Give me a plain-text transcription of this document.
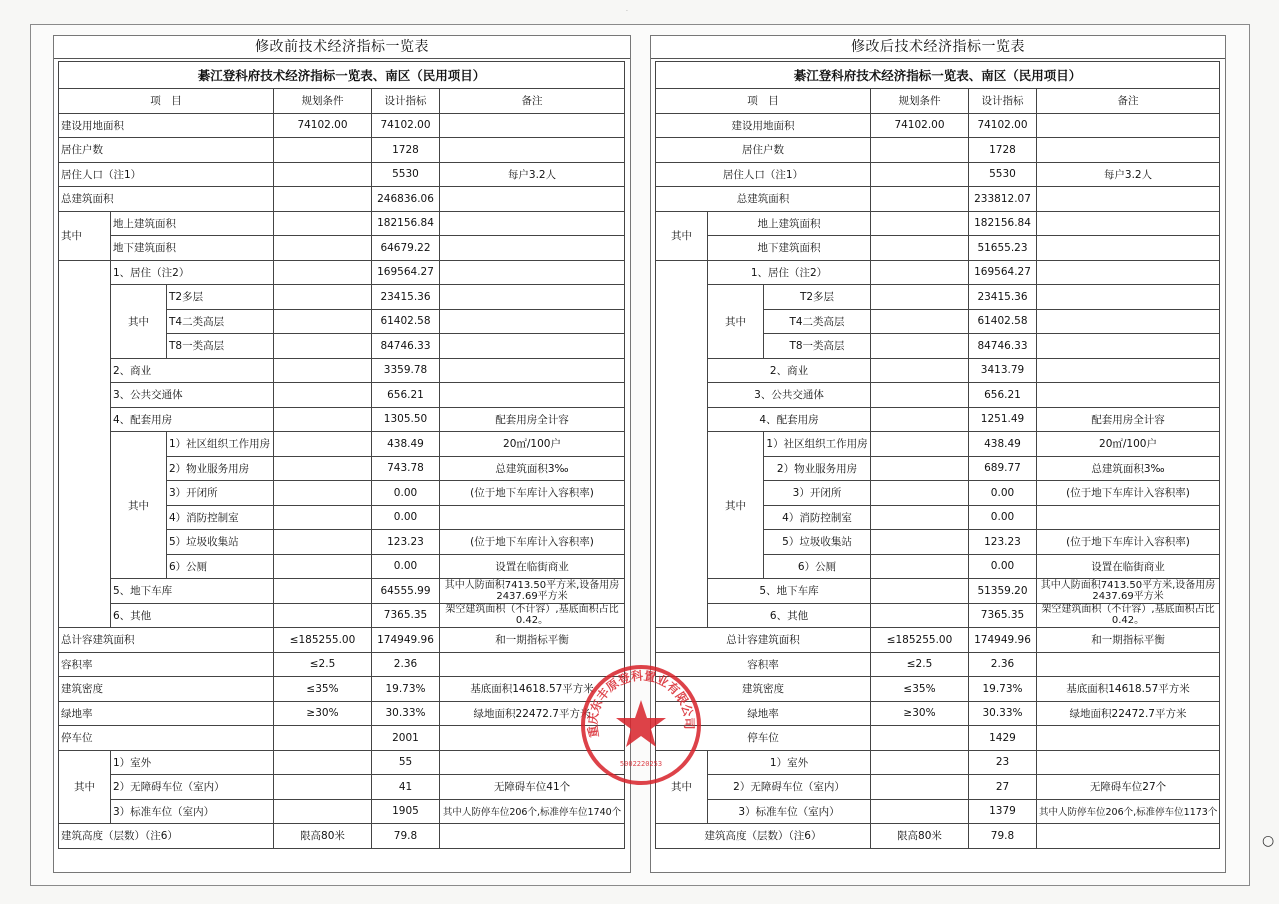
·
修改前技术经济指标一览表
綦江登科府技术经济指标一览表、南区（民用项目）					
项　目			规划条件	设计指标	备注
建设用地面积			74102.00	74102.00	
居住户数				1728	
居住人口（注1）				5530	每户3.2人
总建筑面积				246836.06	
其中	地上建筑面积			182156.84	
	地下建筑面积			64679.22	
	1、居住（注2）			169564.27	
	其中	T2多层		23415.36	
		T4二类高层		61402.58	
		T8一类高层		84746.33	
	2、商业			3359.78	
	3、公共交通体			656.21	
	4、配套用房			1305.50	配套用房全计容
	其中	1）社区组织工作用房		438.49	20㎡/100户
		2）物业服务用房		743.78	总建筑面积3‰
		3）开闭所		0.00	(位于地下车库计入容积率)
		4）消防控制室		0.00	
		5）垃圾收集站		123.23	(位于地下车库计入容积率)
		6）公厕		0.00	设置在临街商业
	5、地下车库			64555.99	其中人防面积7413.50平方米,设备用房2437.69平方米
	6、其他			7365.35	架空建筑面积（不计容）,基底面积占比0.42。
总计容建筑面积			≤185255.00	174949.96	和一期指标平衡
容积率			≤2.5	2.36	
建筑密度			≤35%	19.73%	基底面积14618.57平方米
绿地率			≥30%	30.33%	绿地面积22472.7平方米
停车位				2001	
其中	1）室外			55	
	2）无障碍车位（室内）			41	无障碍车位41个
	3）标准车位（室内）			1905	其中人防停车位206个,标准停车位1740个
建筑高度（层数）（注6）			限高80米	79.8	
修改后技术经济指标一览表
綦江登科府技术经济指标一览表、南区（民用项目）					
项　目			规划条件	设计指标	备注
建设用地面积			74102.00	74102.00	
居住户数				1728	
居住人口（注1）				5530	每户3.2人
总建筑面积				233812.07	
其中	地上建筑面积			182156.84	
	地下建筑面积			51655.23	
	1、居住（注2）			169564.27	
	其中	T2多层		23415.36	
		T4二类高层		61402.58	
		T8一类高层		84746.33	
	2、商业			3413.79	
	3、公共交通体			656.21	
	4、配套用房			1251.49	配套用房全计容
	其中	1）社区组织工作用房		438.49	20㎡/100户
		2）物业服务用房		689.77	总建筑面积3‰
		3）开闭所		0.00	(位于地下车库计入容积率)
		4）消防控制室		0.00	
		5）垃圾收集站		123.23	(位于地下车库计入容积率)
		6）公厕		0.00	设置在临街商业
	5、地下车库			51359.20	其中人防面积7413.50平方米,设备用房2437.69平方米
	6、其他			7365.35	架空建筑面积（不计容）,基底面积占比0.42。
总计容建筑面积			≤185255.00	174949.96	和一期指标平衡
容积率			≤2.5	2.36	
建筑密度			≤35%	19.73%	基底面积14618.57平方米
绿地率			≥30%	30.33%	绿地面积22472.7平方米
停车位				1429	
其中	1）室外			23	
	2）无障碍车位（室内）			27	无障碍车位27个
	3）标准车位（室内）			1379	其中人防停车位206个,标准停车位1173个
建筑高度（层数）（注6）			限高80米	79.8	
重庆东丰原登科置业有限公司
5002220253
○
